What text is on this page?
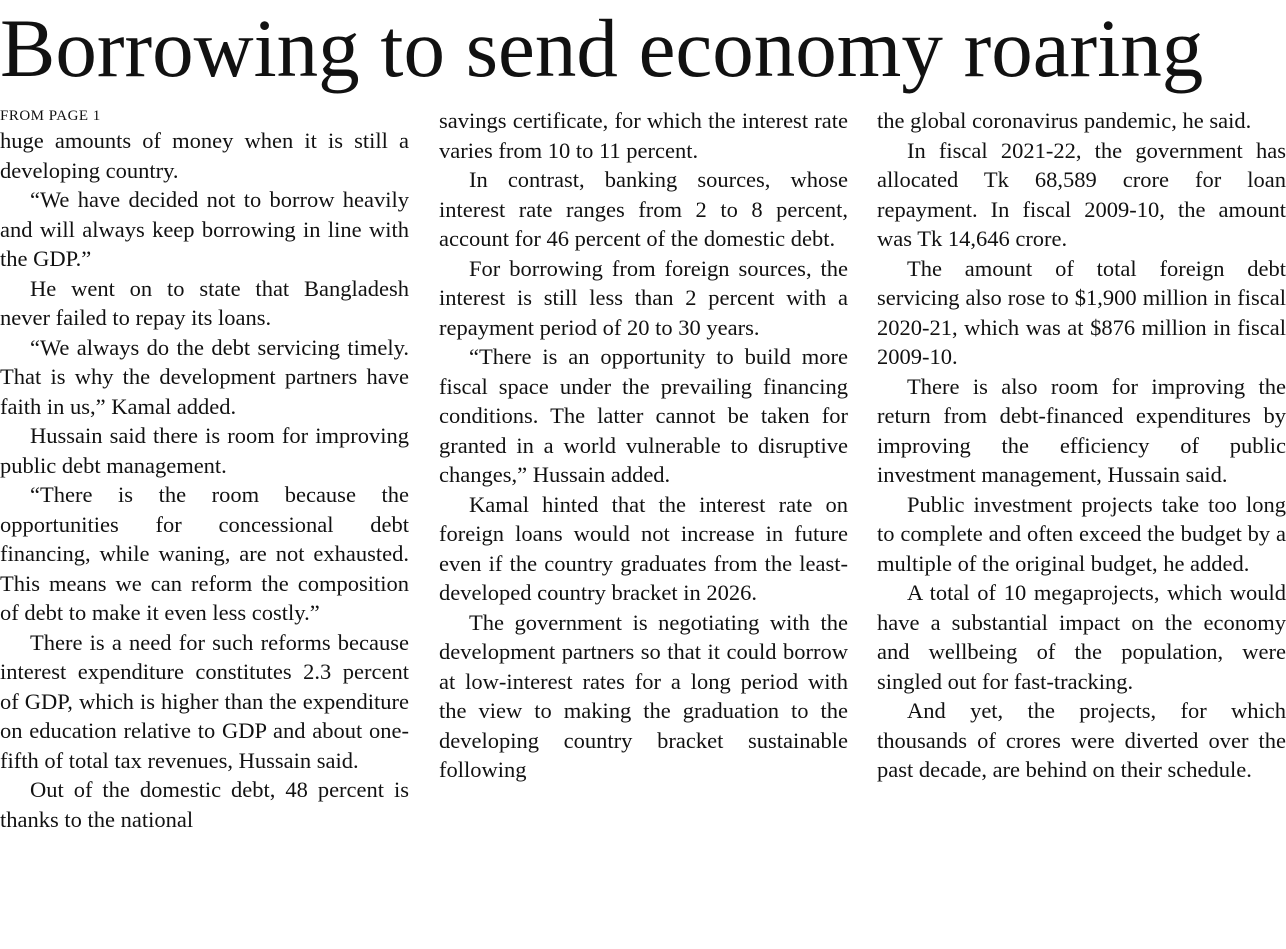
Borrowing to send economy roaring
FROM PAGE 1

huge amounts of money when it is still a developing country.

“We have decided not to borrow heavily and will always keep borrowing in line with the GDP.”

He went on to state that Bangladesh never failed to repay its loans.

“We always do the debt servicing timely. That is why the development partners have faith in us,” Kamal added.

Hussain said there is room for improving public debt management.

“There is the room because the opportunities for concessional debt financing, while waning, are not exhausted. This means we can reform the composition of debt to make it even less costly.”

There is a need for such reforms because interest expenditure constitutes 2.3 percent of GDP, which is higher than the expenditure on education relative to GDP and about one-fifth of total tax revenues, Hussain said.

Out of the domestic debt, 48 percent is thanks to the national

savings certificate, for which the interest rate varies from 10 to 11 percent.

In contrast, banking sources, whose interest rate ranges from 2 to 8 percent, account for 46 percent of the domestic debt.

For borrowing from foreign sources, the interest is still less than 2 percent with a repayment period of 20 to 30 years.

“There is an opportunity to build more fiscal space under the prevailing financing conditions. The latter cannot be taken for granted in a world vulnerable to disruptive changes,” Hussain added.

Kamal hinted that the interest rate on foreign loans would not increase in future even if the country graduates from the least-developed country bracket in 2026.

The government is negotiating with the development partners so that it could borrow at low-interest rates for a long period with the view to making the graduation to the developing country bracket sustainable following

the global coronavirus pandemic, he said.

In fiscal 2021-22, the government has allocated Tk 68,589 crore for loan repayment. In fiscal 2009-10, the amount was Tk 14,646 crore.

The amount of total foreign debt servicing also rose to $1,900 million in fiscal 2020-21, which was at $876 million in fiscal 2009-10.

There is also room for improving the return from debt-financed expenditures by improving the efficiency of public investment management, Hussain said.

Public investment projects take too long to complete and often exceed the budget by a multiple of the original budget, he added.

A total of 10 megaprojects, which would have a substantial impact on the economy and wellbeing of the population, were singled out for fast-tracking.

And yet, the projects, for which thousands of crores were diverted over the past decade, are behind on their schedule.
